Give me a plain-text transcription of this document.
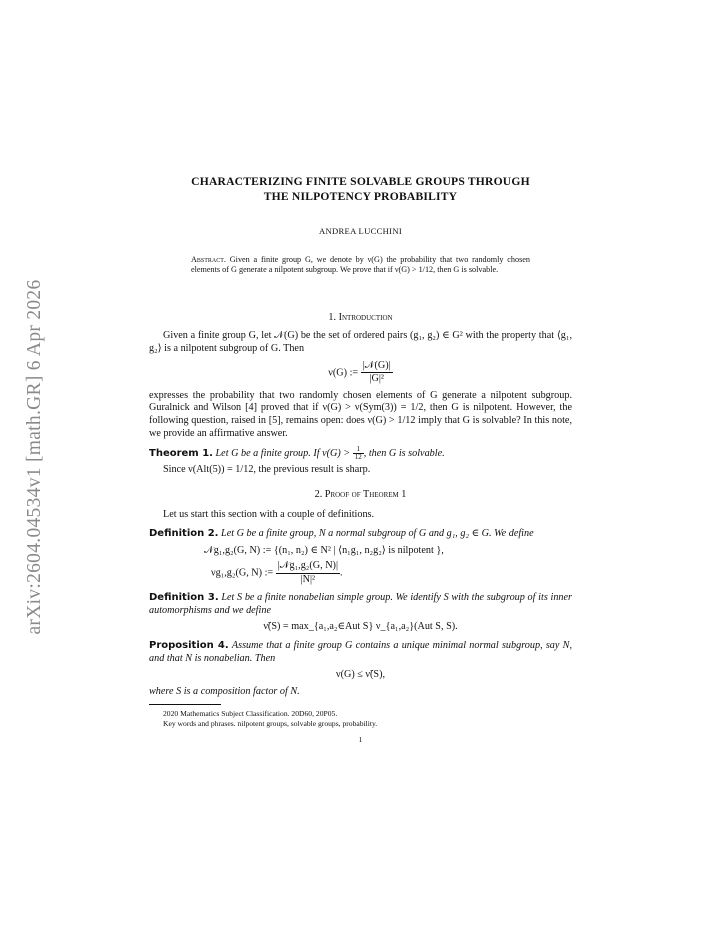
arXiv:2604.04534v1 [math.GR] 6 Apr 2026
CHARACTERIZING FINITE SOLVABLE GROUPS THROUGH
THE NILPOTENCY PROBABILITY
ANDREA LUCCHINI
Abstract. Given a finite group G, we denote by ν(G) the probability that two randomly chosen elements of G generate a nilpotent subgroup. We prove that if ν(G) > 1/12, then G is solvable.
1. Introduction

Given a finite group G, let 𝒩(G) be the set of ordered pairs (g₁, g₂) ∈ G² with the property that ⟨g₁, g₂⟩ is a nilpotent subgroup of G. Then

ν(G) := $\frac{\text{|𝒩(G)|}}{\text{|G|²}}$

expresses the probability that two randomly chosen elements of G generate a nilpotent subgroup. Guralnick and Wilson [4] proved that if ν(G) > ν(Sym(3)) = 1/2, then G is nilpotent. However, the following question, raised in [5], remains open: does ν(G) > 1/12 imply that G is solvable? In this note, we provide an affirmative answer.

Theorem 1. Let G be a finite group. If $\nu(G) > \frac{1}{12}$ , then G is solvable.

Since ν(Alt(5)) = 1/12, the previous result is sharp.

2. Proof of Theorem 1

Let us start this section with a couple of definitions.

Definition 2. Let G be a finite group, N a normal subgroup of G and g₁, g₂ ∈ G. We define

𝒩g₁,g₂(G, N) := {(n₁, n₂) ∈ N² | ⟨n₁g₁, n₂g₂⟩ is nilpotent },
νg₁,g₂(G, N) := $\frac{\text{|𝒩g₁,g₂(G, N)|}}{\text{|N|²}}$ .

Definition 3. Let S be a finite nonabelian simple group. We identify S with the subgroup of its inner automorphisms and we define

ν̃(S) = max_{a₁,a₂∈Aut S} ν_{a₁,a₂}(Aut S, S).

Proposition 4. Assume that a finite group G contains a unique minimal normal subgroup, say N, and that N is nonabelian. Then

ν(G) ≤ ν̃(S),

where S is a composition factor of N.

2020 Mathematics Subject Classification. 20D60, 20P05.
Key words and phrases. nilpotent groups, solvable groups, probability.
1
